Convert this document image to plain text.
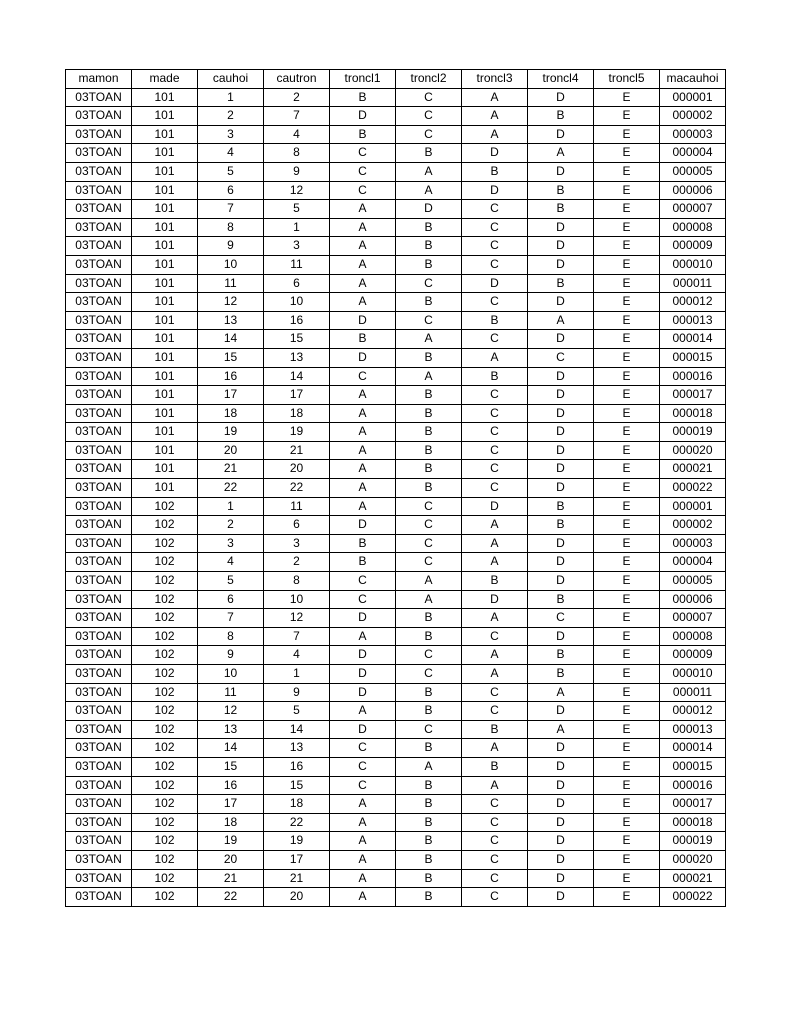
mamon	made	cauhoi	cautron	troncl1	troncl2	troncl3	troncl4	troncl5	macauhoi
03TOAN	101	1	2	B	C	A	D	E	000001
03TOAN	101	2	7	D	C	A	B	E	000002
03TOAN	101	3	4	B	C	A	D	E	000003
03TOAN	101	4	8	C	B	D	A	E	000004
03TOAN	101	5	9	C	A	B	D	E	000005
03TOAN	101	6	12	C	A	D	B	E	000006
03TOAN	101	7	5	A	D	C	B	E	000007
03TOAN	101	8	1	A	B	C	D	E	000008
03TOAN	101	9	3	A	B	C	D	E	000009
03TOAN	101	10	11	A	B	C	D	E	000010
03TOAN	101	11	6	A	C	D	B	E	000011
03TOAN	101	12	10	A	B	C	D	E	000012
03TOAN	101	13	16	D	C	B	A	E	000013
03TOAN	101	14	15	B	A	C	D	E	000014
03TOAN	101	15	13	D	B	A	C	E	000015
03TOAN	101	16	14	C	A	B	D	E	000016
03TOAN	101	17	17	A	B	C	D	E	000017
03TOAN	101	18	18	A	B	C	D	E	000018
03TOAN	101	19	19	A	B	C	D	E	000019
03TOAN	101	20	21	A	B	C	D	E	000020
03TOAN	101	21	20	A	B	C	D	E	000021
03TOAN	101	22	22	A	B	C	D	E	000022
03TOAN	102	1	11	A	C	D	B	E	000001
03TOAN	102	2	6	D	C	A	B	E	000002
03TOAN	102	3	3	B	C	A	D	E	000003
03TOAN	102	4	2	B	C	A	D	E	000004
03TOAN	102	5	8	C	A	B	D	E	000005
03TOAN	102	6	10	C	A	D	B	E	000006
03TOAN	102	7	12	D	B	A	C	E	000007
03TOAN	102	8	7	A	B	C	D	E	000008
03TOAN	102	9	4	D	C	A	B	E	000009
03TOAN	102	10	1	D	C	A	B	E	000010
03TOAN	102	11	9	D	B	C	A	E	000011
03TOAN	102	12	5	A	B	C	D	E	000012
03TOAN	102	13	14	D	C	B	A	E	000013
03TOAN	102	14	13	C	B	A	D	E	000014
03TOAN	102	15	16	C	A	B	D	E	000015
03TOAN	102	16	15	C	B	A	D	E	000016
03TOAN	102	17	18	A	B	C	D	E	000017
03TOAN	102	18	22	A	B	C	D	E	000018
03TOAN	102	19	19	A	B	C	D	E	000019
03TOAN	102	20	17	A	B	C	D	E	000020
03TOAN	102	21	21	A	B	C	D	E	000021
03TOAN	102	22	20	A	B	C	D	E	000022
